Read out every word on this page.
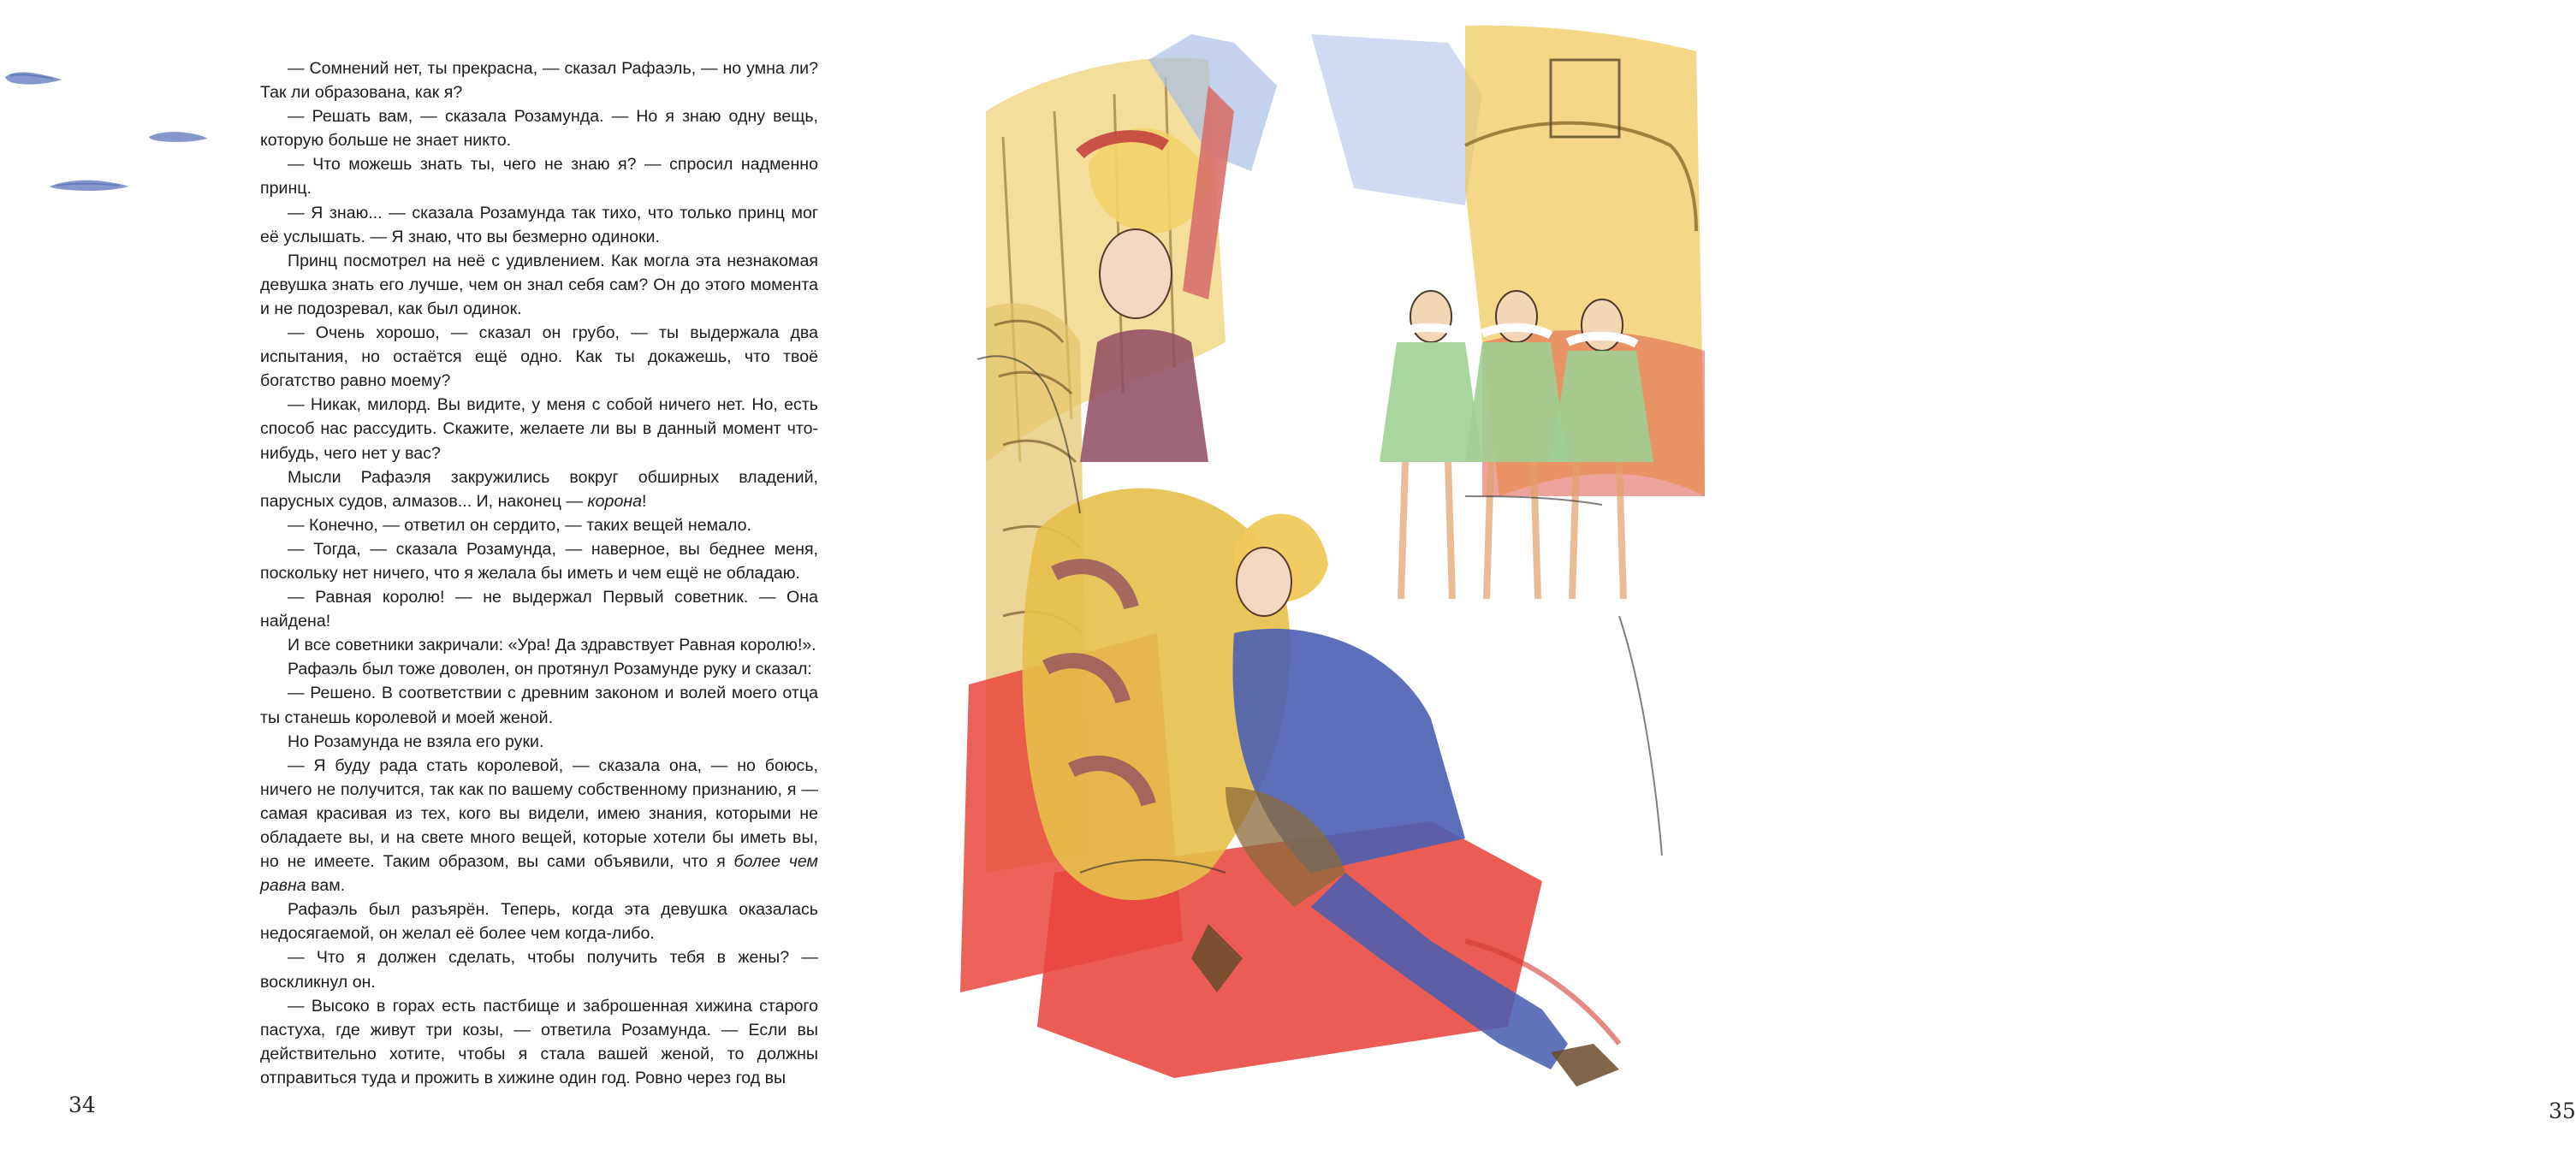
— Сомнений нет, ты прекрасна, — сказал Рафаэль, — но умна ли? Так ли образована, как я?

— Решать вам, — сказала Розамунда. — Но я знаю одну вещь, которую больше не знает никто.

— Что можешь знать ты, чего не знаю я? — спросил надменно принц.

— Я знаю... — сказала Розамунда так тихо, что только принц мог её услышать. — Я знаю, что вы безмерно одиноки.

Принц посмотрел на неё с удивлением. Как могла эта незнакомая девушка знать его лучше, чем он знал себя сам? Он до этого момента и не подозревал, как был одинок.

— Очень хорошо, — сказал он грубо, — ты выдержала два испытания, но остаётся ещё одно. Как ты докажешь, что твоё богатство равно моему?

— Никак, милорд. Вы видите, у меня с собой ничего нет. Но, есть способ нас рассудить. Скажите, желаете ли вы в данный момент что-нибудь, чего нет у вас?

Мысли Рафаэля закружились вокруг обширных владений, парусных судов, алмазов... И, наконец — корона!

— Конечно, — ответил он сердито, — таких вещей немало.

— Тогда, — сказала Розамунда, — наверное, вы беднее меня, поскольку нет ничего, что я желала бы иметь и чем ещё не обладаю.

— Равная королю! — не выдержал Первый советник. — Она найдена!

И все советники закричали: «Ура! Да здравствует Равная королю!».

Рафаэль был тоже доволен, он протянул Розамунде руку и сказал:

— Решено. В соответствии с древним законом и волей моего отца ты станешь королевой и моей женой.

Но Розамунда не взяла его руки.

— Я буду рада стать королевой, — сказала она, — но боюсь, ничего не получится, так как по вашему собственному признанию, я — самая красивая из тех, кого вы видели, имею знания, которыми не обладаете вы, и на свете много вещей, которые хотели бы иметь вы, но не имеете. Таким образом, вы сами объявили, что я более чем равна вам.

Рафаэль был разъярён. Теперь, когда эта девушка оказалась недосягаемой, он желал её более чем когда-либо.

— Что я должен сделать, чтобы получить тебя в жены? — воскликнул он.

— Высоко в горах есть пастбище и заброшенная хижина старого пастуха, где живут три козы, — ответила Розамунда. — Если вы действительно хотите, чтобы я стала вашей женой, то должны отправиться туда и прожить в хижине один год. Ровно через год вы

34	35
